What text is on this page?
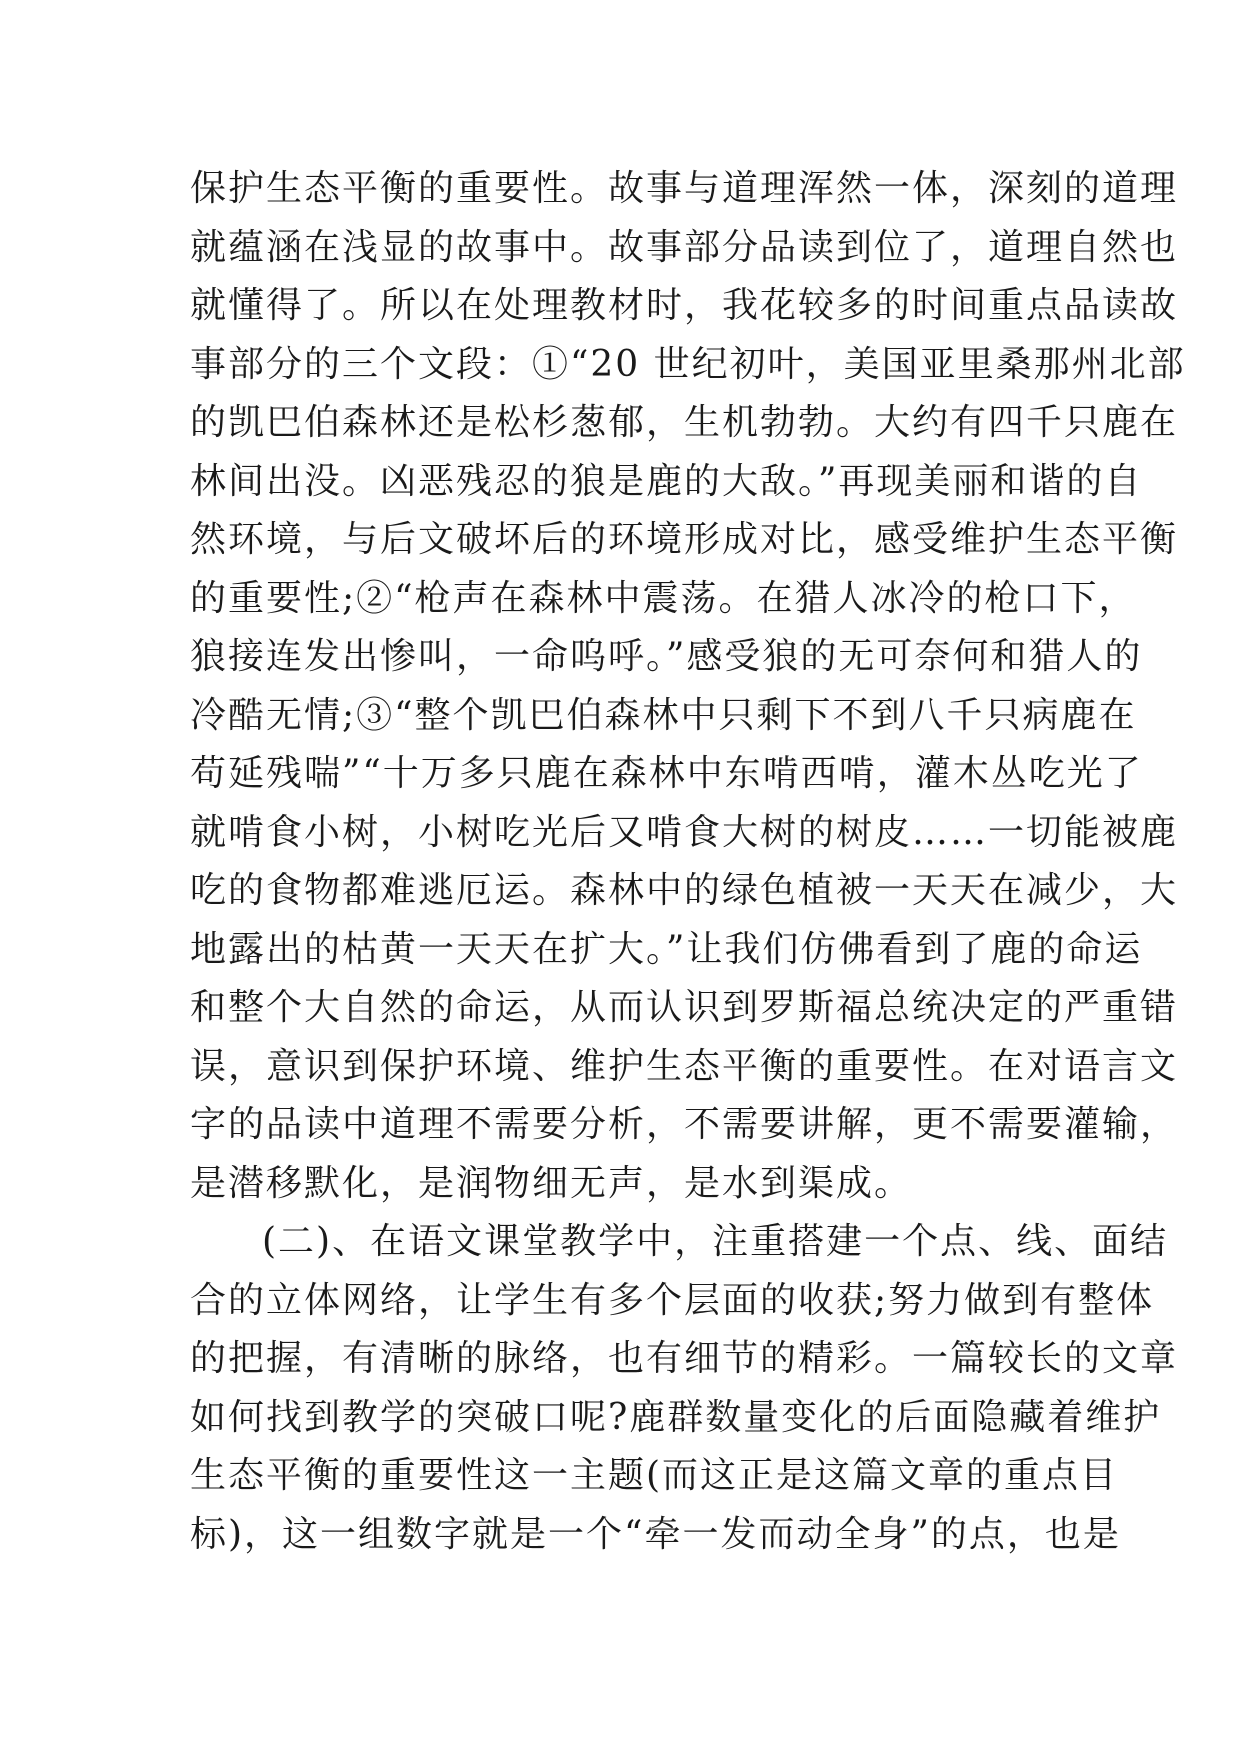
保护生态平衡的重要性。故事与道理浑然一体，深刻的道理
就蕴涵在浅显的故事中。故事部分品读到位了，道理自然也
就懂得了。所以在处理教材时，我花较多的时间重点品读故
事部分的三个文段：①“20 世纪初叶，美国亚里桑那州北部
的凯巴伯森林还是松杉葱郁，生机勃勃。大约有四千只鹿在
林间出没。凶恶残忍的狼是鹿的大敌。”再现美丽和谐的自
然环境，与后文破坏后的环境形成对比，感受维护生态平衡
的重要性;②“枪声在森林中震荡。在猎人冰冷的枪口下，
狼接连发出惨叫，一命呜呼。”感受狼的无可奈何和猎人的
冷酷无情;③“整个凯巴伯森林中只剩下不到八千只病鹿在
苟延残喘”“十万多只鹿在森林中东啃西啃，灌木丛吃光了
就啃食小树，小树吃光后又啃食大树的树皮……一切能被鹿
吃的食物都难逃厄运。森林中的绿色植被一天天在减少，大
地露出的枯黄一天天在扩大。”让我们仿佛看到了鹿的命运
和整个大自然的命运，从而认识到罗斯福总统决定的严重错
误，意识到保护环境、维护生态平衡的重要性。在对语言文
字的品读中道理不需要分析，不需要讲解，更不需要灌输，
是潜移默化，是润物细无声，是水到渠成。
(二)、在语文课堂教学中，注重搭建一个点、线、面结
合的立体网络，让学生有多个层面的收获;努力做到有整体
的把握，有清晰的脉络，也有细节的精彩。一篇较长的文章
如何找到教学的突破口呢?鹿群数量变化的后面隐藏着维护
生态平衡的重要性这一主题(而这正是这篇文章的重点目
标)，这一组数字就是一个“牵一发而动全身”的点，也是
